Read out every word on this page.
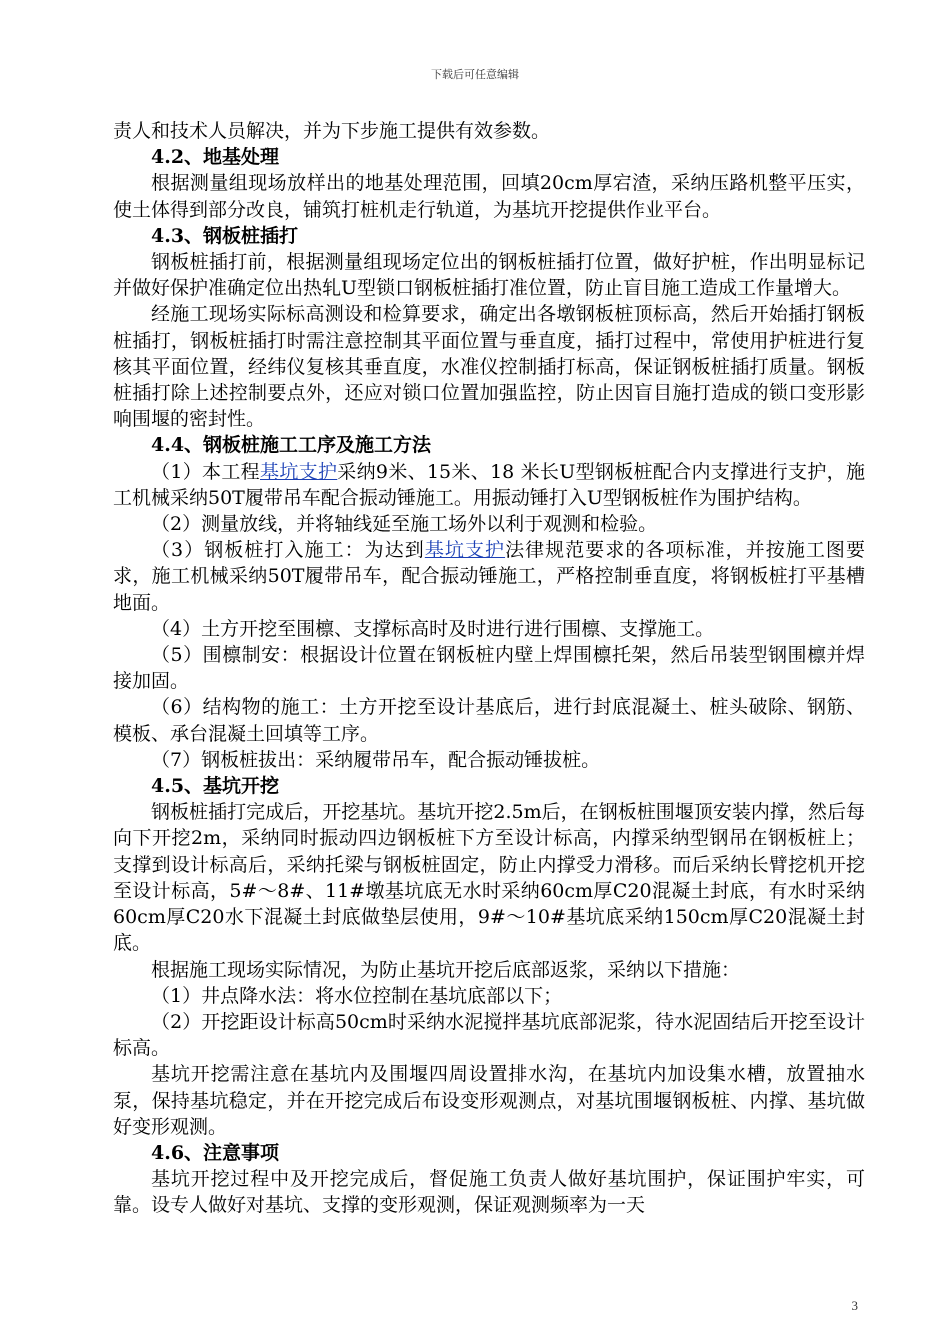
下载后可任意编辑

责人和技术人员解决，并为下步施工提供有效参数。

4.2、地基处理

根据测量组现场放样出的地基处理范围，回填20cm厚宕渣，采纳压路机整平压实，使土体得到部分改良，铺筑打桩机走行轨道，为基坑开挖提供作业平台。

4.3、钢板桩插打

钢板桩插打前，根据测量组现场定位出的钢板桩插打位置，做好护桩，作出明显标记并做好保护准确定位出热轧U型锁口钢板桩插打准位置，防止盲目施工造成工作量增大。

经施工现场实际标高测设和检算要求，确定出各墩钢板桩顶标高，然后开始插打钢板桩插打，钢板桩插打时需注意控制其平面位置与垂直度，插打过程中，常使用护桩进行复核其平面位置，经纬仪复核其垂直度，水准仪控制插打标高，保证钢板桩插打质量。钢板桩插打除上述控制要点外，还应对锁口位置加强监控，防止因盲目施打造成的锁口变形影响围堰的密封性。

4.4、钢板桩施工工序及施工方法

（1）本工程基坑支护采纳9米、15米、18 米长U型钢板桩配合内支撑进行支护，施工机械采纳50T履带吊车配合振动锤施工。用振动锤打入U型钢板桩作为围护结构。

（2）测量放线，并将轴线延至施工场外以利于观测和检验。

（3）钢板桩打入施工：为达到基坑支护法律规范要求的各项标准，并按施工图要求，施工机械采纳50T履带吊车，配合振动锤施工，严格控制垂直度，将钢板桩打平基槽地面。

（4）土方开挖至围檩、支撑标高时及时进行进行围檩、支撑施工。

（5）围檩制安：根据设计位置在钢板桩内壁上焊围檩托架，然后吊装型钢围檩并焊接加固。

（6）结构物的施工：土方开挖至设计基底后，进行封底混凝土、桩头破除、钢筋、模板、承台混凝土回填等工序。

（7）钢板桩拔出：采纳履带吊车，配合振动锤拔桩。

4.5、基坑开挖

钢板桩插打完成后，开挖基坑。基坑开挖2.5m后，在钢板桩围堰顶安装内撑，然后每向下开挖2m，采纳同时振动四边钢板桩下方至设计标高，内撑采纳型钢吊在钢板桩上；支撑到设计标高后，采纳托梁与钢板桩固定，防止内撑受力滑移。而后采纳长臂挖机开挖至设计标高，5#～8#、11#墩基坑底无水时采纳60cm厚C20混凝土封底，有水时采纳60cm厚C20水下混凝土封底做垫层使用，9#～10#基坑底采纳150cm厚C20混凝土封底。

根据施工现场实际情况，为防止基坑开挖后底部返浆，采纳以下措施：

（1）井点降水法：将水位控制在基坑底部以下；

（2）开挖距设计标高50cm时采纳水泥搅拌基坑底部泥浆，待水泥固结后开挖至设计标高。

基坑开挖需注意在基坑内及围堰四周设置排水沟，在基坑内加设集水槽，放置抽水泵，保持基坑稳定，并在开挖完成后布设变形观测点，对基坑围堰钢板桩、内撑、基坑做好变形观测。

4.6、注意事项

基坑开挖过程中及开挖完成后，督促施工负责人做好基坑围护，保证围护牢实，可靠。设专人做好对基坑、支撑的变形观测，保证观测频率为一天

3
